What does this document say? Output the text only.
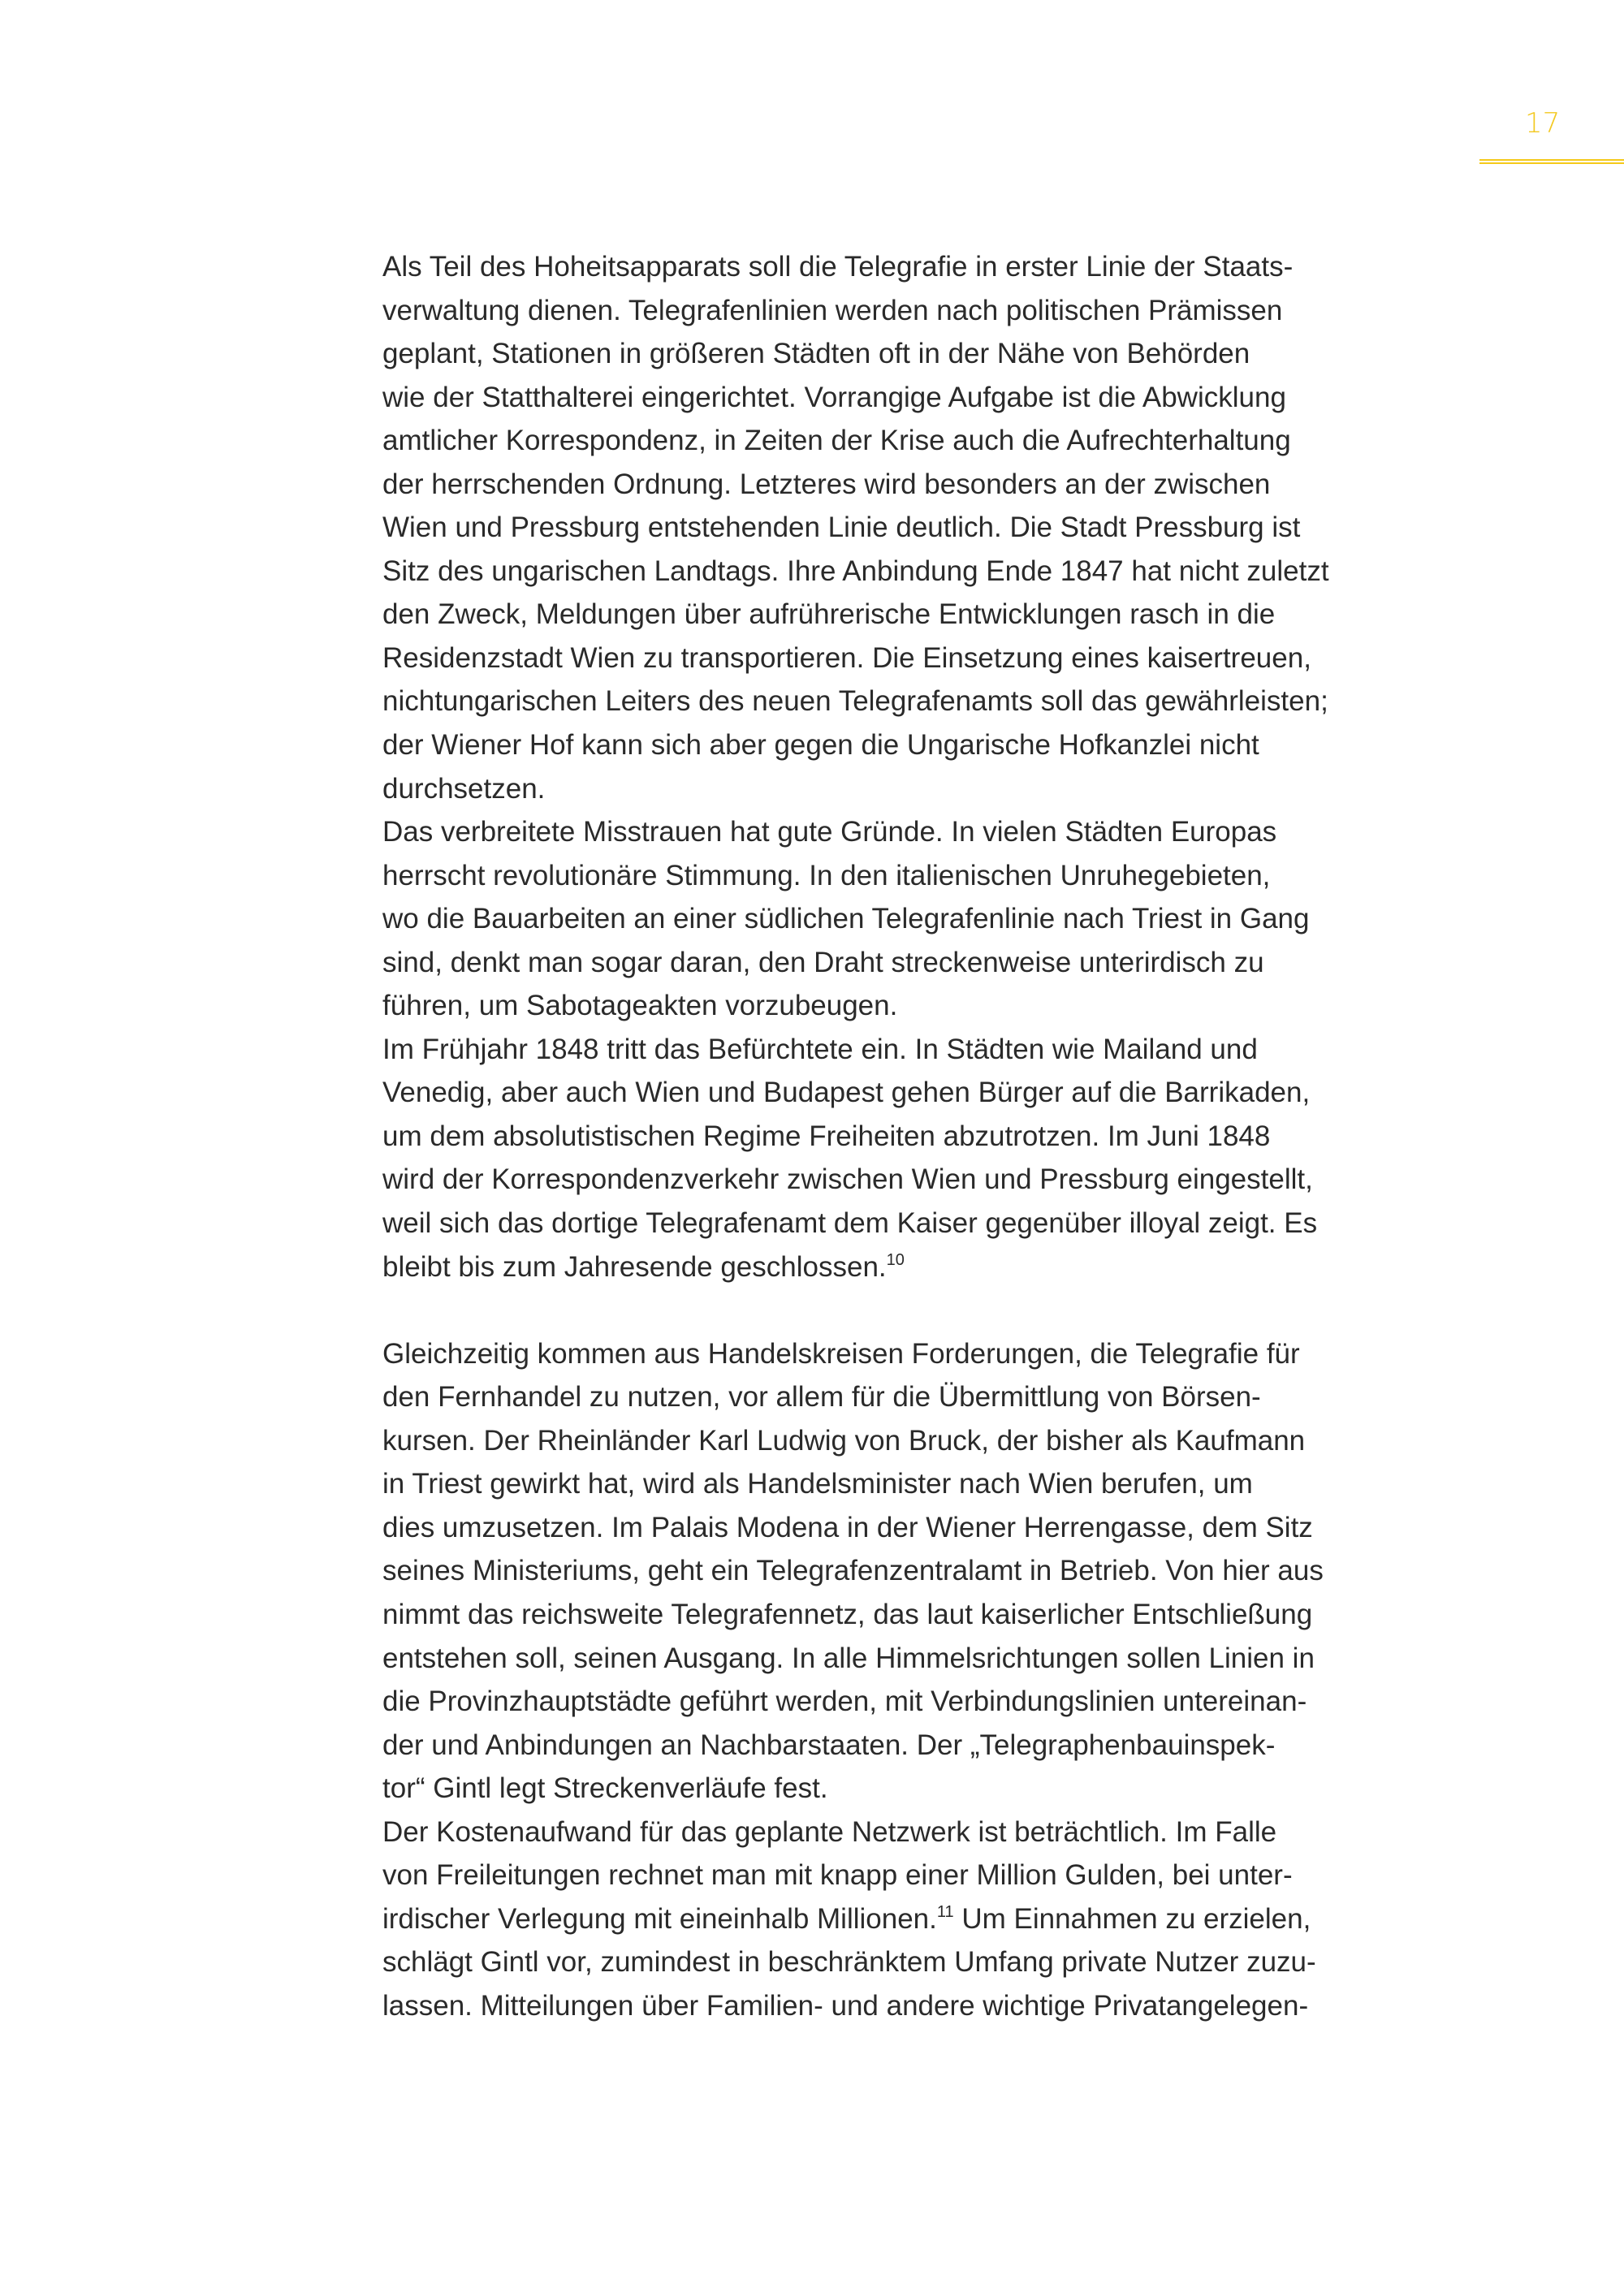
17
Als Teil des Hoheitsapparats soll die Telegrafie in erster Linie der Staats-
verwaltung dienen. Telegrafenlinien werden nach politischen Prämissen
geplant, Stationen in größeren Städten oft in der Nähe von Behörden
wie der Statthalterei eingerichtet. Vorrangige Aufgabe ist die Abwicklung
amtlicher Korrespondenz, in Zeiten der Krise auch die Aufrechterhaltung
der herrschenden Ordnung. Letzteres wird besonders an der zwischen
Wien und Pressburg entstehenden Linie deutlich. Die Stadt Pressburg ist
Sitz des ungarischen Landtags. Ihre Anbindung Ende 1847 hat nicht zuletzt
den Zweck, Meldungen über aufrührerische Entwicklungen rasch in die
Residenzstadt Wien zu transportieren. Die Einsetzung eines kaisertreuen,
nichtungarischen Leiters des neuen Telegrafenamts soll das gewährleisten;
der Wiener Hof kann sich aber gegen die Ungarische Hofkanzlei nicht
durchsetzen.
Das verbreitete Misstrauen hat gute Gründe. In vielen Städten Europas
herrscht revolutionäre Stimmung. In den italienischen Unruhegebieten,
wo die Bauarbeiten an einer südlichen Telegrafenlinie nach Triest in Gang
sind, denkt man sogar daran, den Draht streckenweise unterirdisch zu
führen, um Sabotageakten vorzubeugen.
Im Frühjahr 1848 tritt das Befürchtete ein. In Städten wie Mailand und
Venedig, aber auch Wien und Budapest gehen Bürger auf die Barrikaden,
um dem absolutistischen Regime Freiheiten abzutrotzen. Im Juni 1848
wird der Korrespondenzverkehr zwischen Wien und Pressburg eingestellt,
weil sich das dortige Telegrafenamt dem Kaiser gegenüber illoyal zeigt. Es
bleibt bis zum Jahresende geschlossen.$^{10}$
Gleichzeitig kommen aus Handelskreisen Forderungen, die Telegrafie für
den Fernhandel zu nutzen, vor allem für die Übermittlung von Börsen-
kursen. Der Rheinländer Karl Ludwig von Bruck, der bisher als Kaufmann
in Triest gewirkt hat, wird als Handelsminister nach Wien berufen, um
dies umzusetzen. Im Palais Modena in der Wiener Herrengasse, dem Sitz
seines Ministeriums, geht ein Telegrafenzentralamt in Betrieb. Von hier aus
nimmt das reichsweite Telegrafennetz, das laut kaiserlicher Entschließung
entstehen soll, seinen Ausgang. In alle Himmelsrichtungen sollen Linien in
die Provinzhauptstädte geführt werden, mit Verbindungslinien untereinan-
der und Anbindungen an Nachbarstaaten. Der „Telegraphenbauinspek-
tor“ Gintl legt Streckenverläufe fest.
Der Kostenaufwand für das geplante Netzwerk ist beträchtlich. Im Falle
von Freileitungen rechnet man mit knapp einer Million Gulden, bei unter-
irdischer Verlegung mit eineinhalb Millionen.$^{11}$ Um Einnahmen zu erzielen,
schlägt Gintl vor, zumindest in beschränktem Umfang private Nutzer zuzu-
lassen. Mitteilungen über Familien- und andere wichtige Privatangelegen-
